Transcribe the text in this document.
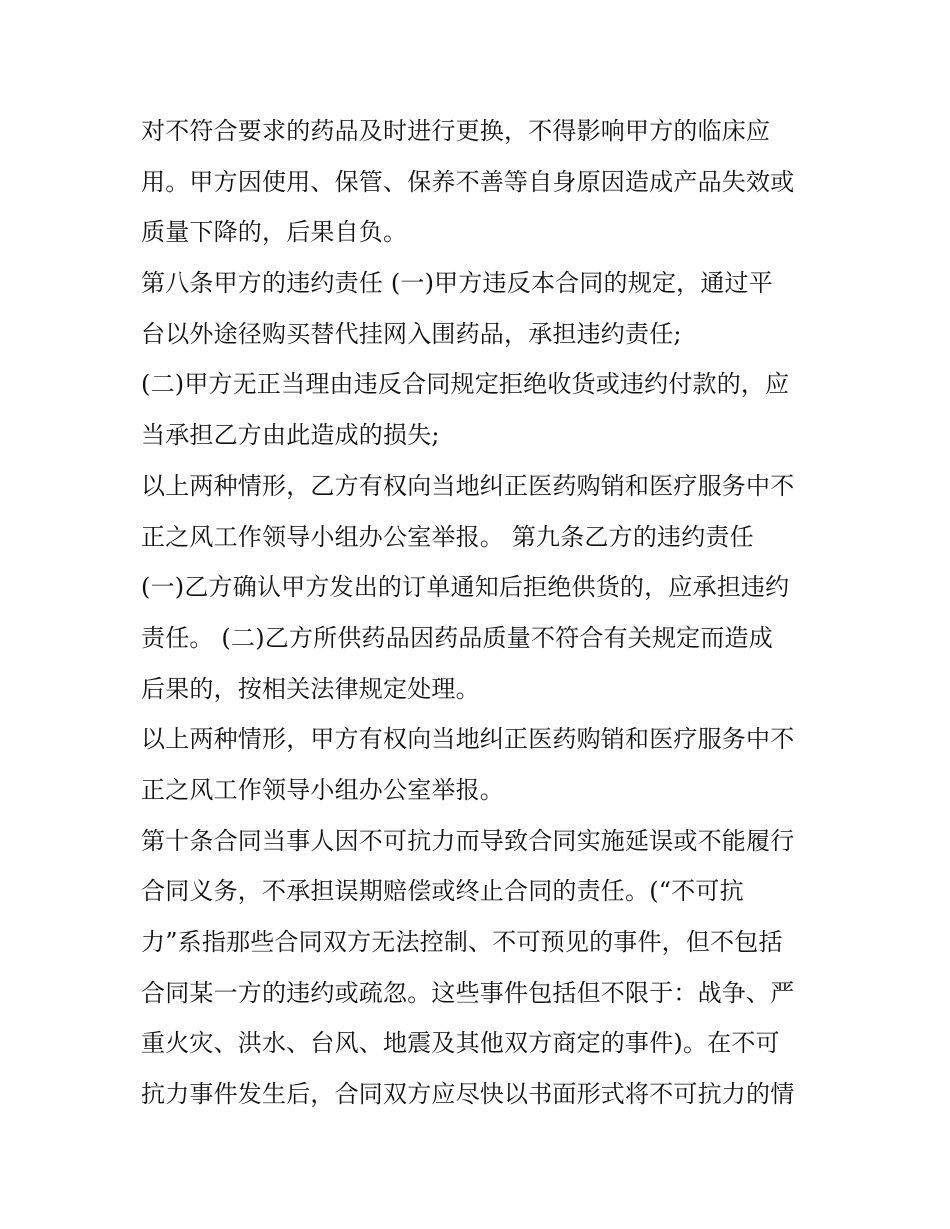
对不符合要求的药品及时进行更换，不得影响甲方的临床应
用。甲方因使用、保管、保养不善等自身原因造成产品失效或
质量下降的，后果自负。
第八条甲方的违约责任 (一)甲方违反本合同的规定，通过平
台以外途径购买替代挂网入围药品，承担违约责任;
(二)甲方无正当理由违反合同规定拒绝收货或违约付款的，应
当承担乙方由此造成的损失;
以上两种情形，乙方有权向当地纠正医药购销和医疗服务中不
正之风工作领导小组办公室举报。 第九条乙方的违约责任
(一)乙方确认甲方发出的订单通知后拒绝供货的，应承担违约
责任。 (二)乙方所供药品因药品质量不符合有关规定而造成
后果的，按相关法律规定处理。
以上两种情形，甲方有权向当地纠正医药购销和医疗服务中不
正之风工作领导小组办公室举报。
第十条合同当事人因不可抗力而导致合同实施延误或不能履行
合同义务，不承担误期赔偿或终止合同的责任。(“不可抗
力”系指那些合同双方无法控制、不可预见的事件，但不包括
合同某一方的违约或疏忽。这些事件包括但不限于：战争、严
重火灾、洪水、台风、地震及其他双方商定的事件)。在不可
抗力事件发生后，合同双方应尽快以书面形式将不可抗力的情
